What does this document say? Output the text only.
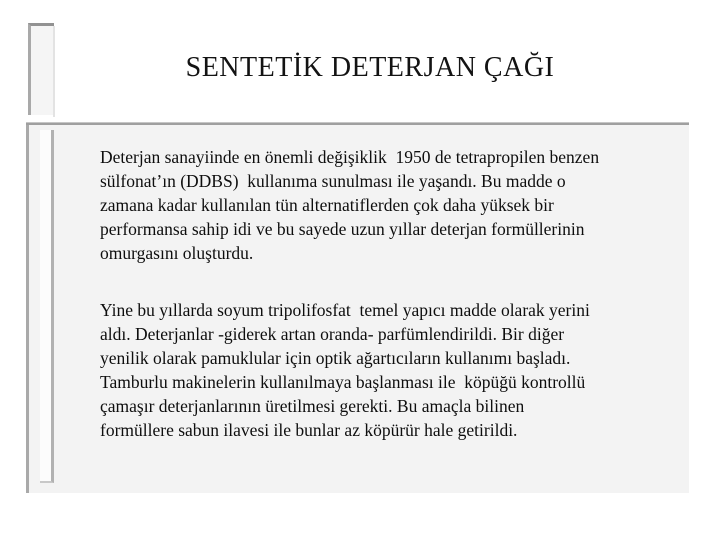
SENTETİK DETERJAN ÇAĞI
Deterjan sanayiinde en önemli değişiklik  1950 de tetrapropilen benzen
sülfonat’ın (DDBS)  kullanıma sunulması ile yaşandı. Bu madde o
zamana kadar kullanılan tün alternatiflerden çok daha yüksek bir
performansa sahip idi ve bu sayede uzun yıllar deterjan formüllerinin
omurgasını oluşturdu.
Yine bu yıllarda soyum tripolifosfat  temel yapıcı madde olarak yerini
aldı. Deterjanlar -giderek artan oranda- parfümlendirildi. Bir diğer
yenilik olarak pamuklular için optik ağartıcıların kullanımı başladı.
Tamburlu makinelerin kullanılmaya başlanması ile  köpüğü kontrollü
çamaşır deterjanlarının üretilmesi gerekti. Bu amaçla bilinen
formüllere sabun ilavesi ile bunlar az köpürür hale getirildi.
